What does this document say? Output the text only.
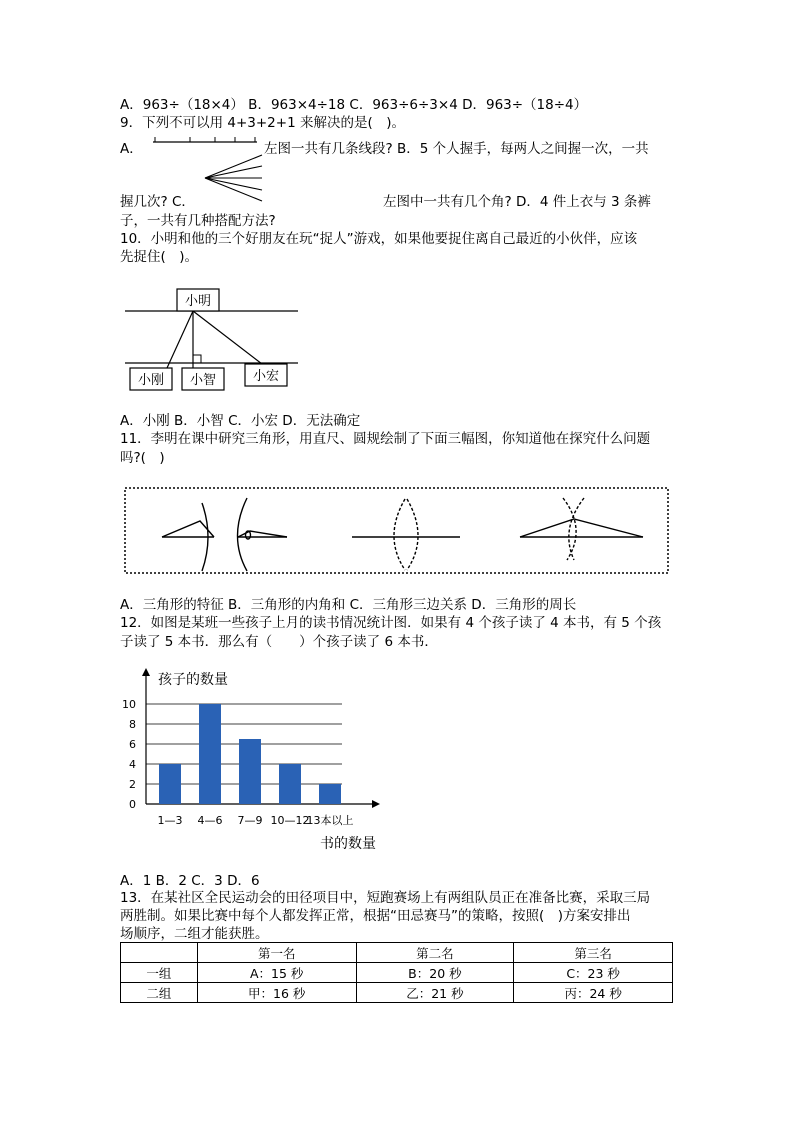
A．963÷（18×4） B．963×4÷18 C．963÷6÷3×4 D．963÷（18÷4）
9．下列不可以用 4+3+2+1 来解决的是(　)。
A．	左图一共有几条线段? B．5 个人握手，每两人之间握一次，一共
握几次? C．	左图中一共有几个角? D．4 件上衣与 3 条裤
子，一共有几种搭配方法?
10．小明和他的三个好朋友在玩“捉人”游戏，如果他要捉住离自己最近的小伙伴，应该
先捉住(　)。
小明
小刚 小智	小宏
A．小刚 B．小智 C．小宏 D．无法确定
11．李明在课中研究三角形，用直尺、圆规绘制了下面三幅图，你知道他在探究什么问题
吗?(　)
A．三角形的特征 B．三角形的内角和 C．三角形三边关系 D．三角形的周长
12．如图是某班一些孩子上月的读书情况统计图．如果有 4 个孩子读了 4 本书，有 5 个孩
子读了 5 本书．那么有（　　）个孩子读了 6 本书．
孩子的数量
书的数量
0
2
4
6
8
10
1—3 4—6 7—9 10—12
13本以上
A．1 B．2 C．3 D．6
13．在某社区全民运动会的田径项目中，短跑赛场上有两组队员正在准备比赛，采取三局
两胜制。如果比赛中每个人都发挥正常，根据“田忌赛马”的策略，按照(　)方案安排出
场顺序，二组才能获胜。
	第一名	第二名	第三名
一组	A：15 秒	B：20 秒	C：23 秒
二组	甲：16 秒	乙：21 秒	丙：24 秒
